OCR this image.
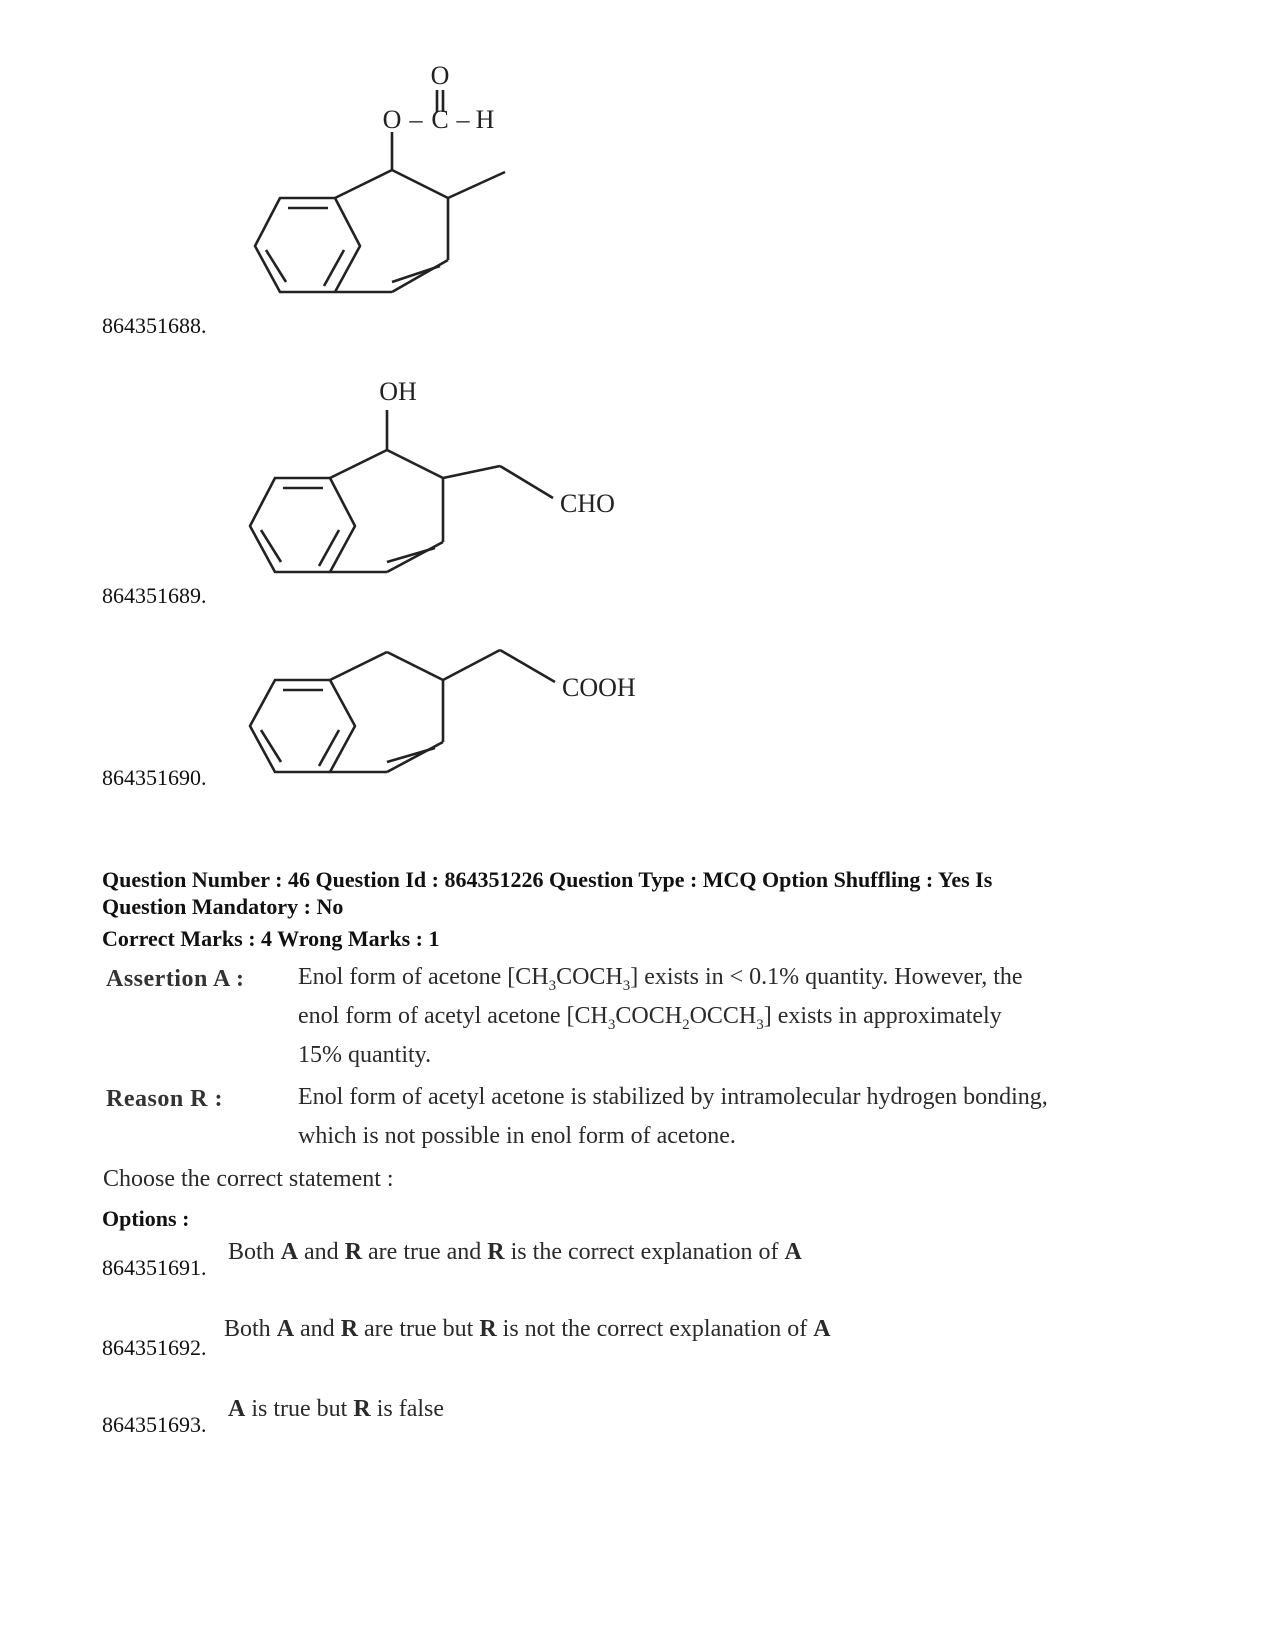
O
O – C – H
864351688.
OH
CHO
864351689.
COOH
864351690.
Question Number : 46 Question Id : 864351226 Question Type : MCQ Option Shuffling : Yes Is
Question Mandatory : No
Correct Marks : 4 Wrong Marks : 1
Assertion A : Enol form of acetone $[CH_3COCH_3]$ exists in < 0.1% quantity. However, the
enol form of acetyl acetone $[CH_3COCH_2OCCH_3]$ exists in approximately
15% quantity.
Reason R :	Enol form of acetyl acetone is stabilized by intramolecular hydrogen bonding,
which is not possible in enol form of acetone.
Choose the correct statement :
Options :
864351691.
Both A and R are true and R is the correct explanation of A
864351692.
Both A and R are true but R is not the correct explanation of A
864351693.
A is true but R is false
